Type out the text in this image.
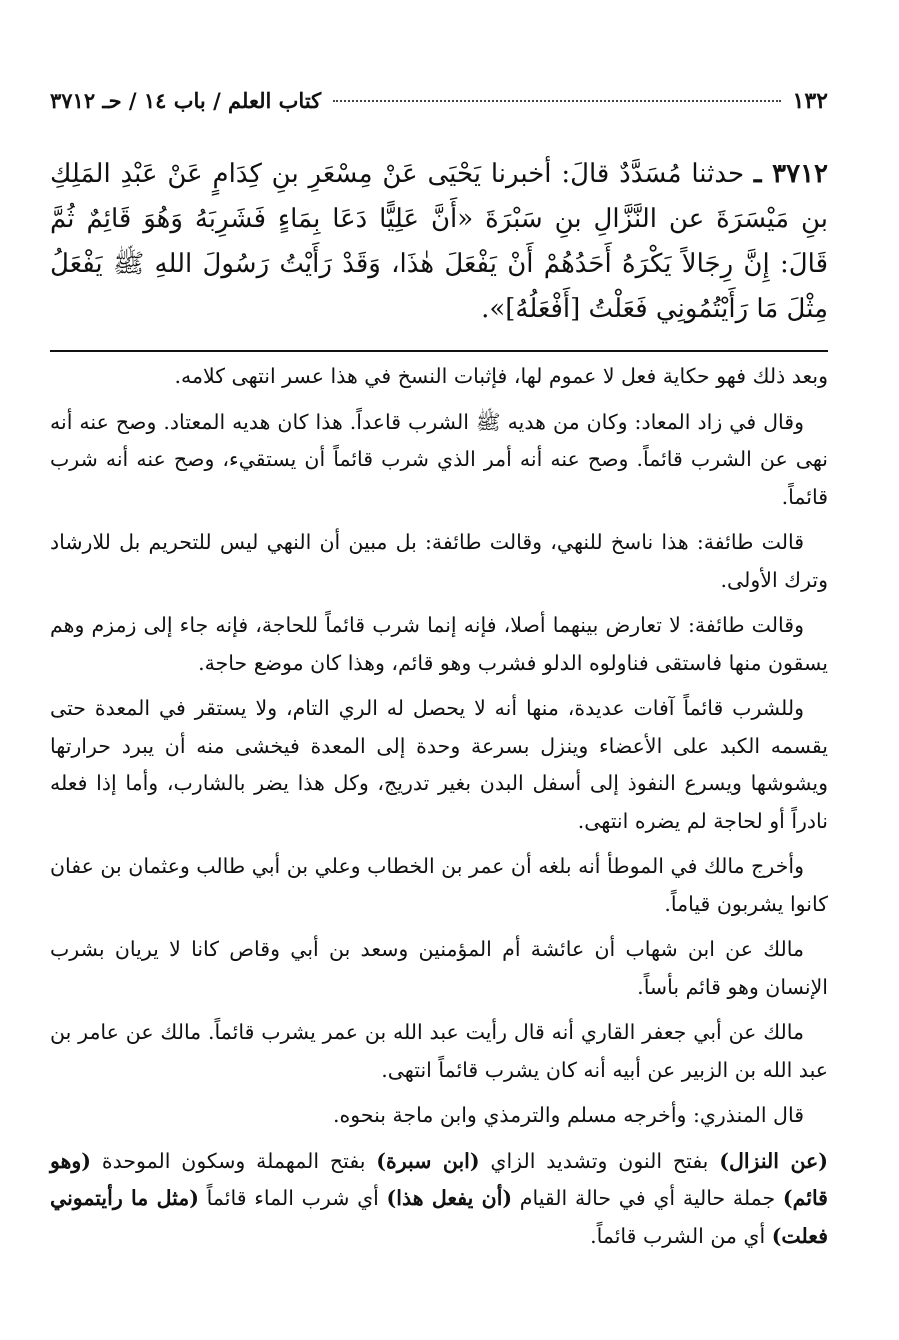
١٣٢
كتاب العلم / باب ١٤ / حـ ٣٧١٢
٣٧١٢ ـ حدثنا مُسَدَّدٌ قالَ: أخبرنا يَحْيَى عَنْ مِسْعَرِ بنِ كِدَامٍ عَنْ عَبْدِ المَلِكِ بنِ مَيْسَرَةَ عن النَّزَّالِ بنِ سَبْرَةَ «أَنَّ عَلِيًّا دَعَا بِمَاءٍ فَشَرِبَهُ وَهُوَ قَائِمٌ ثُمَّ قَالَ: إِنَّ رِجَالاً يَكْرَهُ أَحَدُهُمْ أَنْ يَفْعَلَ هٰذَا، وَقَدْ رَأَيْتُ رَسُولَ اللهِ ﷺ يَفْعَلُ مِثْلَ مَا رَأَيْتُمُونِي فَعَلْتُ [أَفْعَلُهُ]».

وبعد ذلك فهو حكاية فعل لا عموم لها، فإثبات النسخ في هذا عسر انتهى كلامه.

وقال في زاد المعاد: وكان من هديه ﷺ الشرب قاعداً. هذا كان هديه المعتاد. وصح عنه أنه نهى عن الشرب قائماً. وصح عنه أنه أمر الذي شرب قائماً أن يستقيء، وصح عنه أنه شرب قائماً.

قالت طائفة: هذا ناسخ للنهي، وقالت طائفة: بل مبين أن النهي ليس للتحريم بل للارشاد وترك الأولى.

وقالت طائفة: لا تعارض بينهما أصلا، فإنه إنما شرب قائماً للحاجة، فإنه جاء إلى زمزم وهم يسقون منها فاستقى فناولوه الدلو فشرب وهو قائم، وهذا كان موضع حاجة.

وللشرب قائماً آفات عديدة، منها أنه لا يحصل له الري التام، ولا يستقر في المعدة حتى يقسمه الكبد على الأعضاء وينزل بسرعة وحدة إلى المعدة فيخشى منه أن يبرد حرارتها ويشوشها ويسرع النفوذ إلى أسفل البدن بغير تدريج، وكل هذا يضر بالشارب، وأما إذا فعله نادراً أو لحاجة لم يضره انتهى.

وأخرج مالك في الموطأ أنه بلغه أن عمر بن الخطاب وعلي بن أبي طالب وعثمان بن عفان كانوا يشربون قياماً.

مالك عن ابن شهاب أن عائشة أم المؤمنين وسعد بن أبي وقاص كانا لا يريان بشرب الإنسان وهو قائم بأساً.

مالك عن أبي جعفر القاري أنه قال رأيت عبد الله بن عمر يشرب قائماً. مالك عن عامر بن عبد الله بن الزبير عن أبيه أنه كان يشرب قائماً انتهى.

قال المنذري: وأخرجه مسلم والترمذي وابن ماجة بنحوه.

(عن النزال) بفتح النون وتشديد الزاي (ابن سبرة) بفتح المهملة وسكون الموحدة (وهو قائم) جملة حالية أي في حالة القيام (أن يفعل هذا) أي شرب الماء قائماً (مثل ما رأيتموني فعلت) أي من الشرب قائماً.
